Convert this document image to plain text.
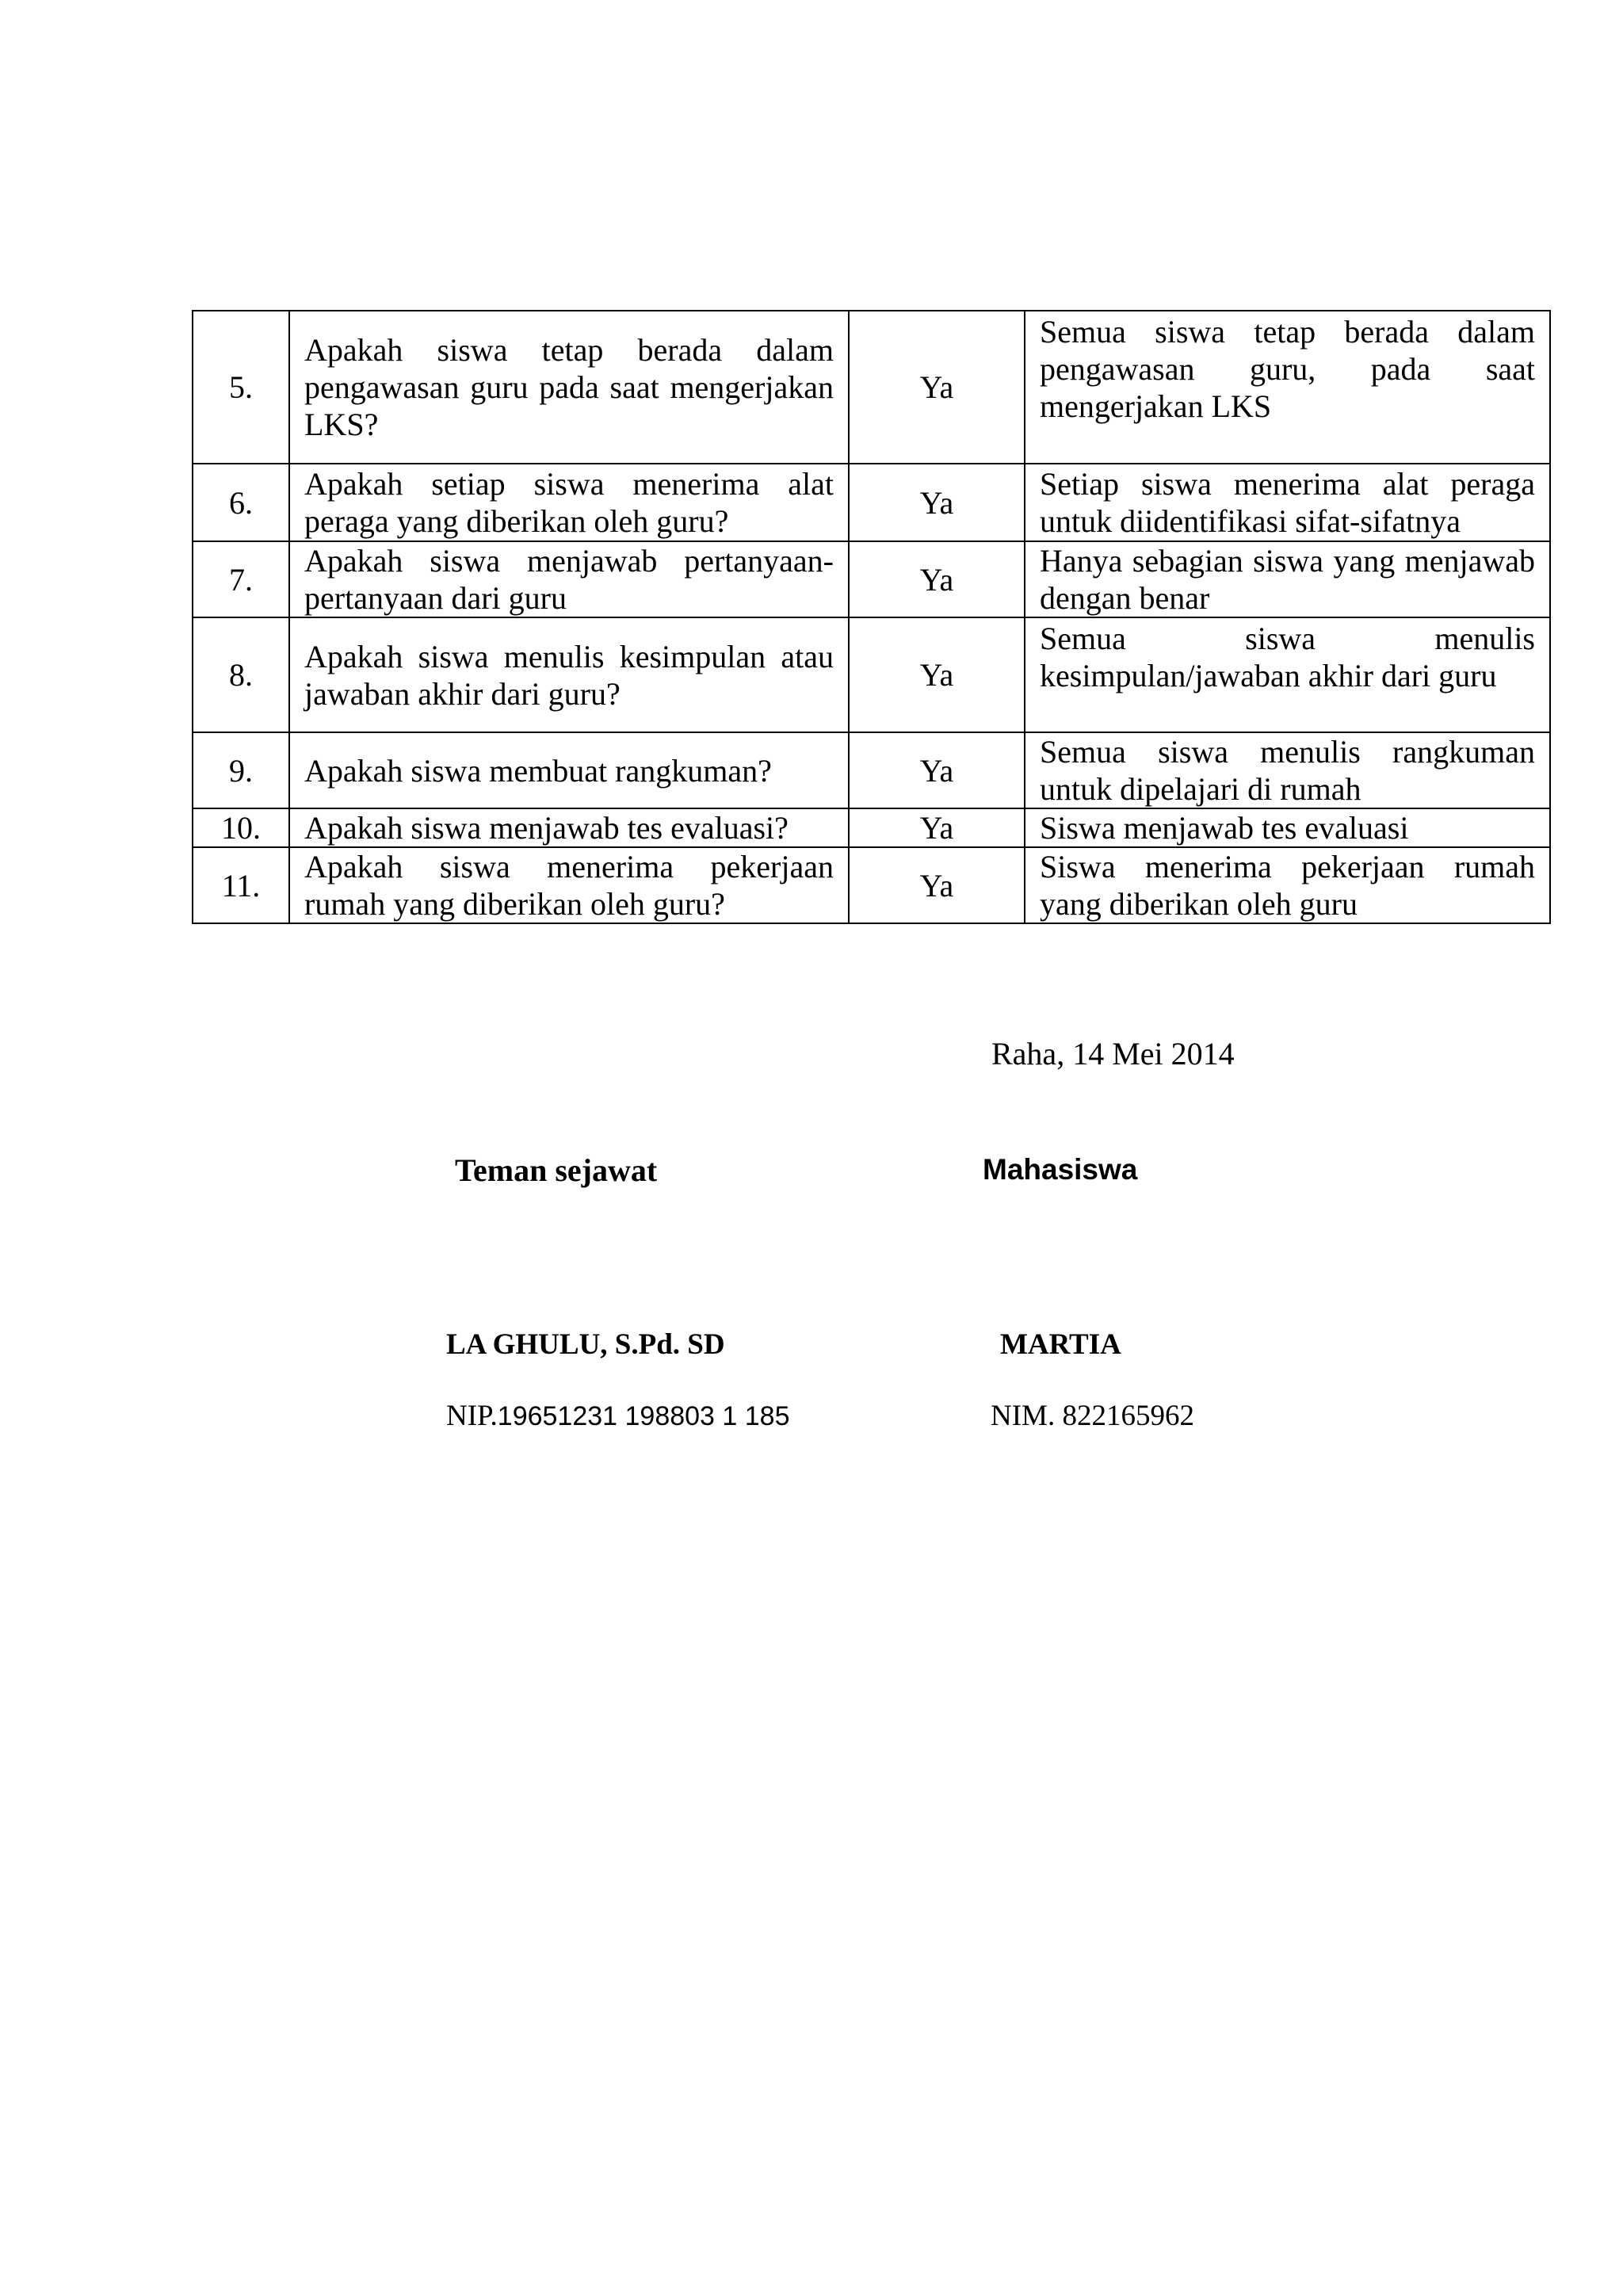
5.	Apakah siswa tetap berada dalam pengawasan guru pada saat mengerjakan LKS?	Ya	Semua siswa tetap berada dalam pengawasan guru, pada saat mengerjakan LKS
6.	Apakah setiap siswa menerima alat peraga yang diberikan oleh guru?	Ya	Setiap siswa menerima alat peraga untuk diidentifikasi sifat-sifatnya
7.	Apakah siswa menjawab pertanyaan-pertanyaan dari guru	Ya	Hanya sebagian siswa yang menjawab dengan benar
8.	Apakah siswa menulis kesimpulan atau jawaban akhir dari guru?	Ya	Semua siswa menulis kesimpulan/jawaban akhir dari guru
9.	Apakah siswa membuat rangkuman?	Ya	Semua siswa menulis rangkuman untuk dipelajari di rumah
10.	Apakah siswa menjawab tes evaluasi?	Ya	Siswa menjawab tes evaluasi
11.	Apakah siswa menerima pekerjaan rumah yang diberikan oleh guru?	Ya	Siswa menerima pekerjaan rumah yang diberikan oleh guru
Raha, 14 Mei 2014
Teman sejawat	Mahasiswa
LA GHULU, S.Pd. SD	MARTIA
NIP.19651231 198803 1 185	NIM. 822165962
